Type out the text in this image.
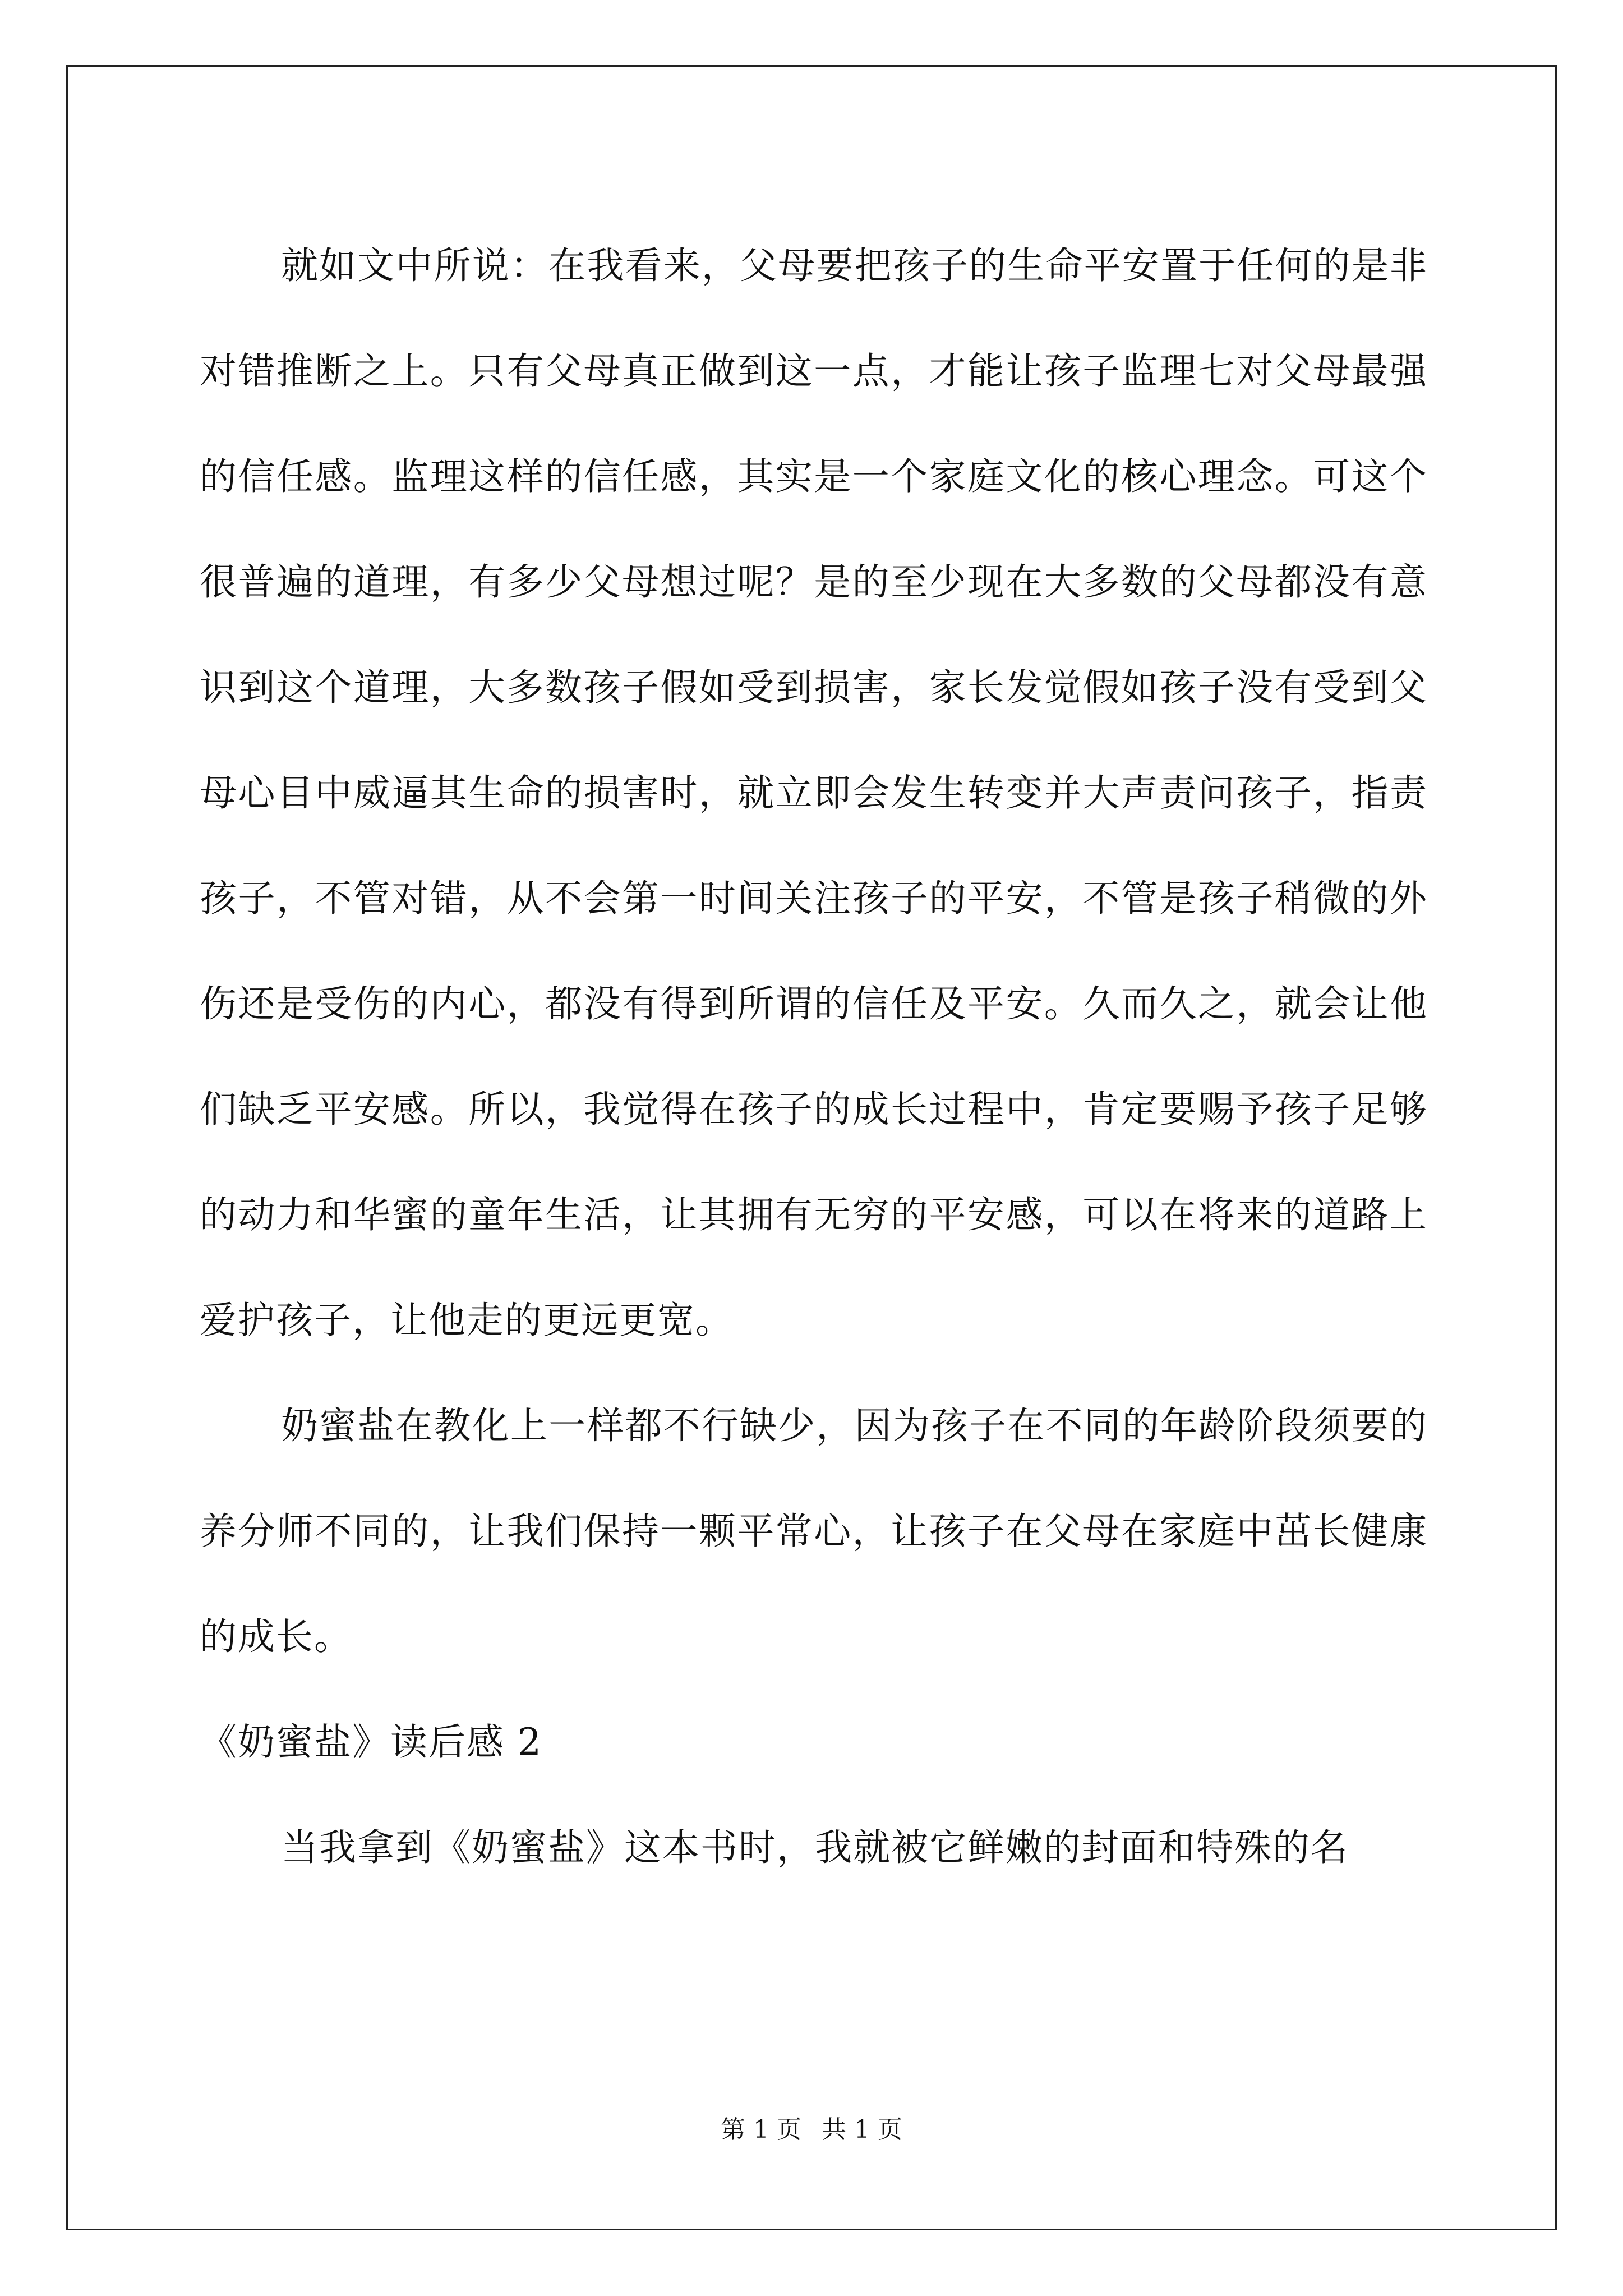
就如文中所说：在我看来，父母要把孩子的生命平安置于任何的是非对错推断之上。只有父母真正做到这一点，才能让孩子监理七对父母最强的信任感。监理这样的信任感，其实是一个家庭文化的核心理念。可这个很普遍的道理，有多少父母想过呢？是的至少现在大多数的父母都没有意识到这个道理，大多数孩子假如受到损害，家长发觉假如孩子没有受到父母心目中威逼其生命的损害时，就立即会发生转变并大声责问孩子，指责孩子，不管对错，从不会第一时间关注孩子的平安，不管是孩子稍微的外伤还是受伤的内心，都没有得到所谓的信任及平安。久而久之，就会让他们缺乏平安感。所以，我觉得在孩子的成长过程中，肯定要赐予孩子足够的动力和华蜜的童年生活，让其拥有无穷的平安感，可以在将来的道路上爱护孩子，让他走的更远更宽。

奶蜜盐在教化上一样都不行缺少，因为孩子在不同的年龄阶段须要的养分师不同的，让我们保持一颗平常心，让孩子在父母在家庭中茁长健康的成长。

《奶蜜盐》读后感 2

当我拿到《奶蜜盐》这本书时，我就被它鲜嫩的封面和特殊的名

第 1 页 共 1 页
